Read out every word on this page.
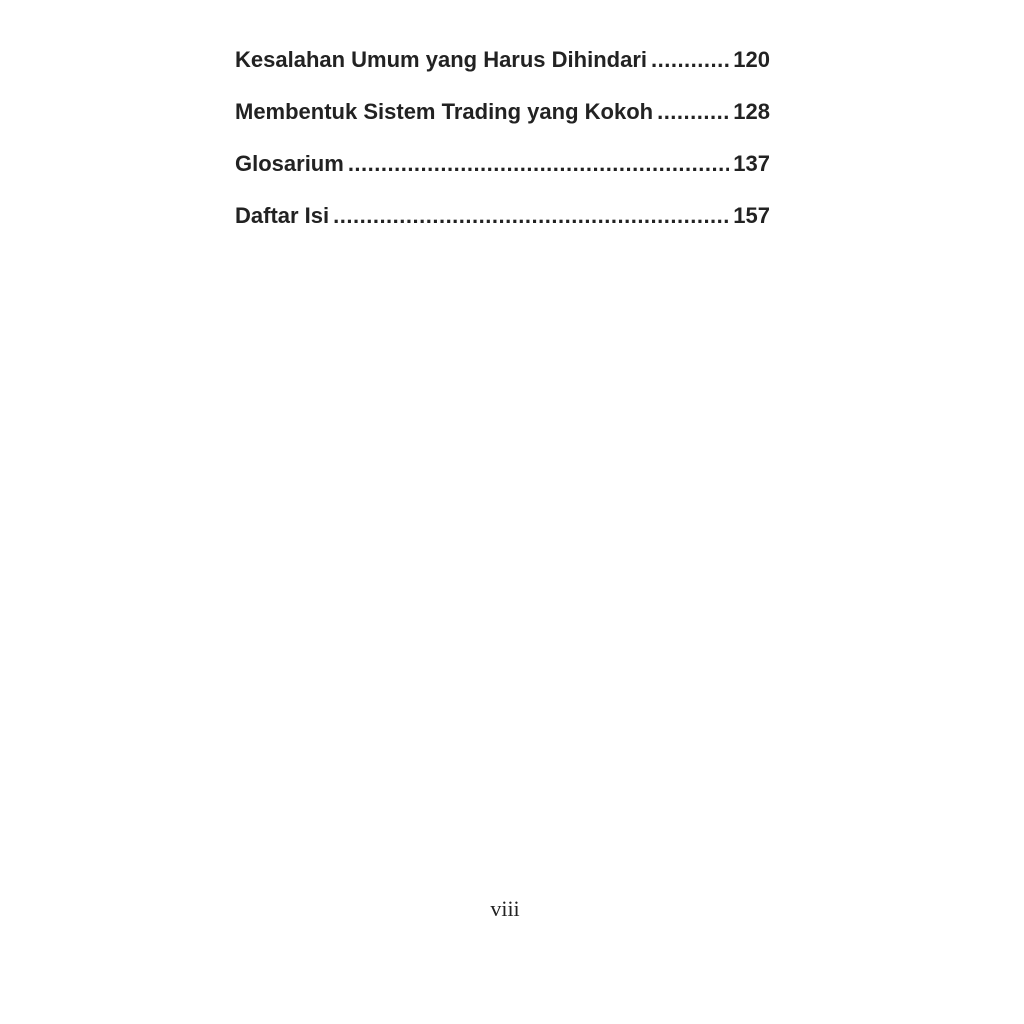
Kesalahan Umum yang Harus Dihindari .....	120
Membentuk Sistem Trading yang Kokoh .....	128
Glosarium .....	137
Daftar Isi .....	157
viii
